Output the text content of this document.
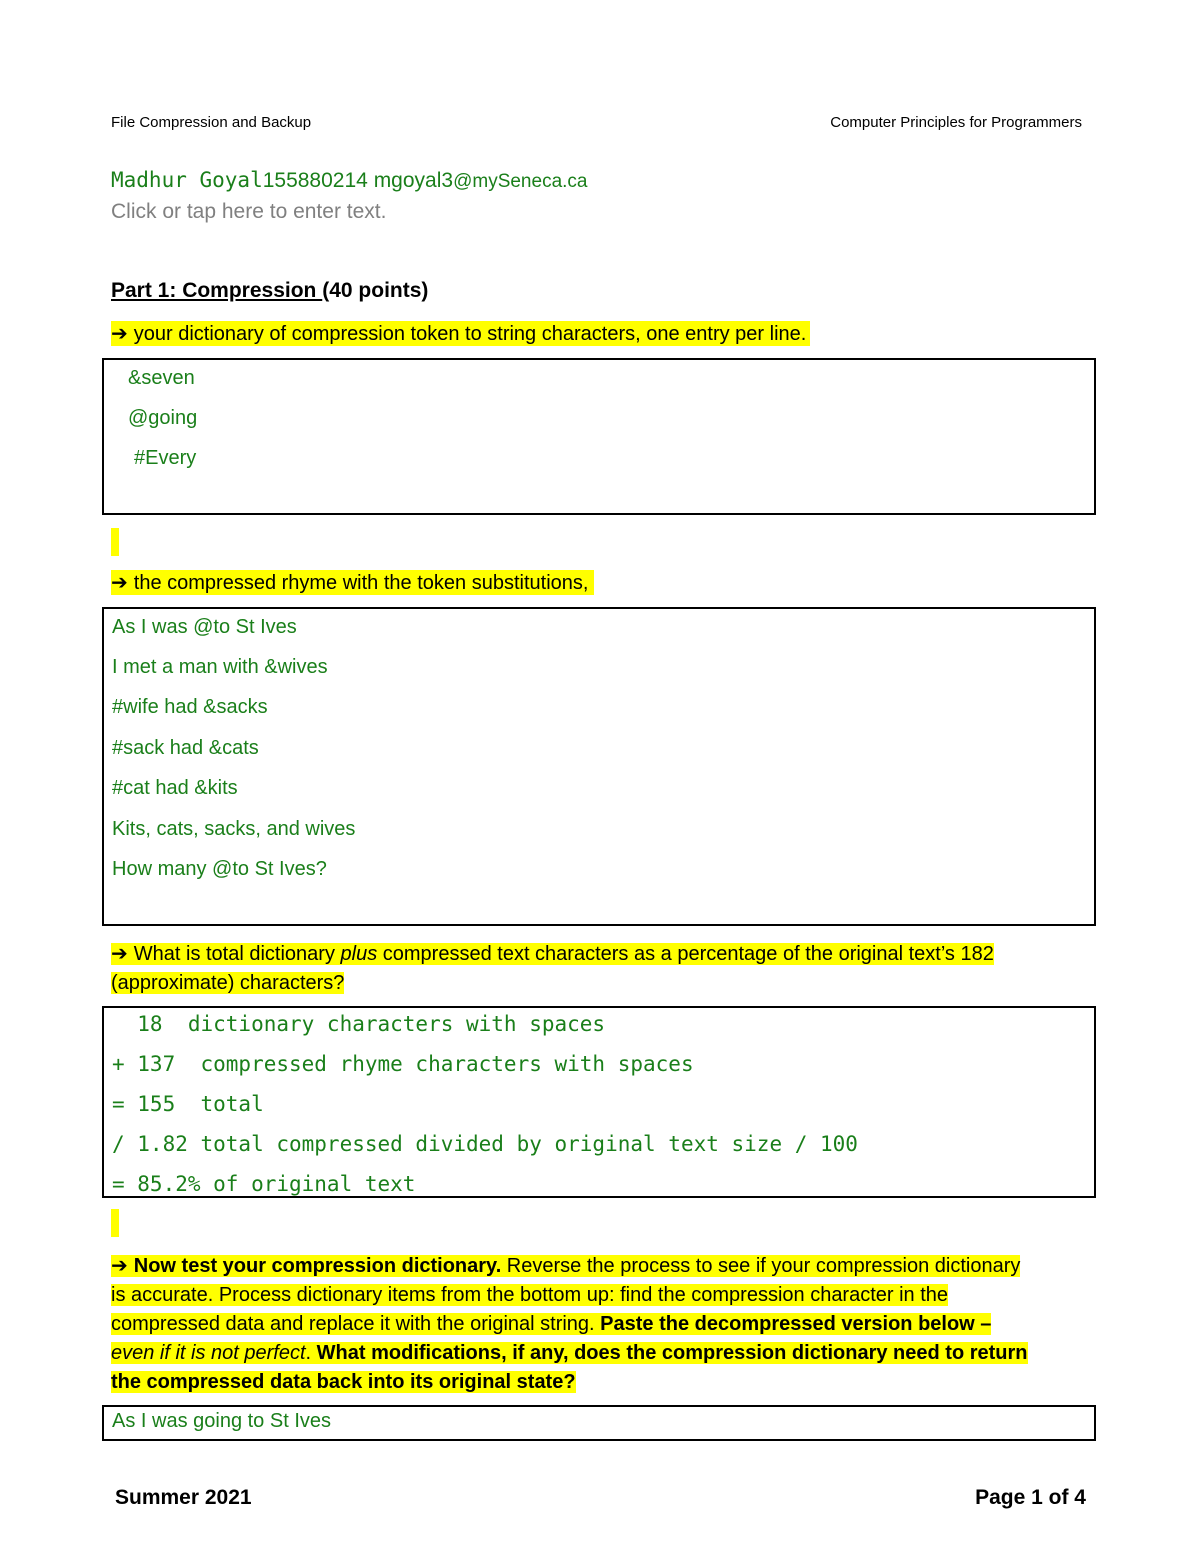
File Compression and Backup	Computer Principles for Programmers
Madhur Goyal155880214 mgoyal3@mySeneca.ca
Click or tap here to enter text.
Part 1: Compression (40 points)
➔ your dictionary of compression token to string characters, one entry per line.
&seven
@going
#Every
➔ the compressed rhyme with the token substitutions,
As I was @to St Ives
I met a man with &wives
#wife had &sacks
#sack had &cats
#cat had &kits
Kits, cats, sacks, and wives
How many @to St Ives?
➔ What is total dictionary plus compressed text characters as a percentage of the original text’s 182
(approximate) characters?
18  dictionary characters with spaces
+ 137  compressed rhyme characters with spaces
= 155  total
/ 1.82 total compressed divided by original text size / 100
= 85.2% of original text
➔ Now test your compression dictionary. Reverse the process to see if your compression dictionary
is accurate. Process dictionary items from the bottom up: find the compression character in the
compressed data and replace it with the original string. Paste the decompressed version below –
even if it is not perfect. What modifications, if any, does the compression dictionary need to return
the compressed data back into its original state?
As I was going to St Ives
Summer 2021	Page 1 of 4
